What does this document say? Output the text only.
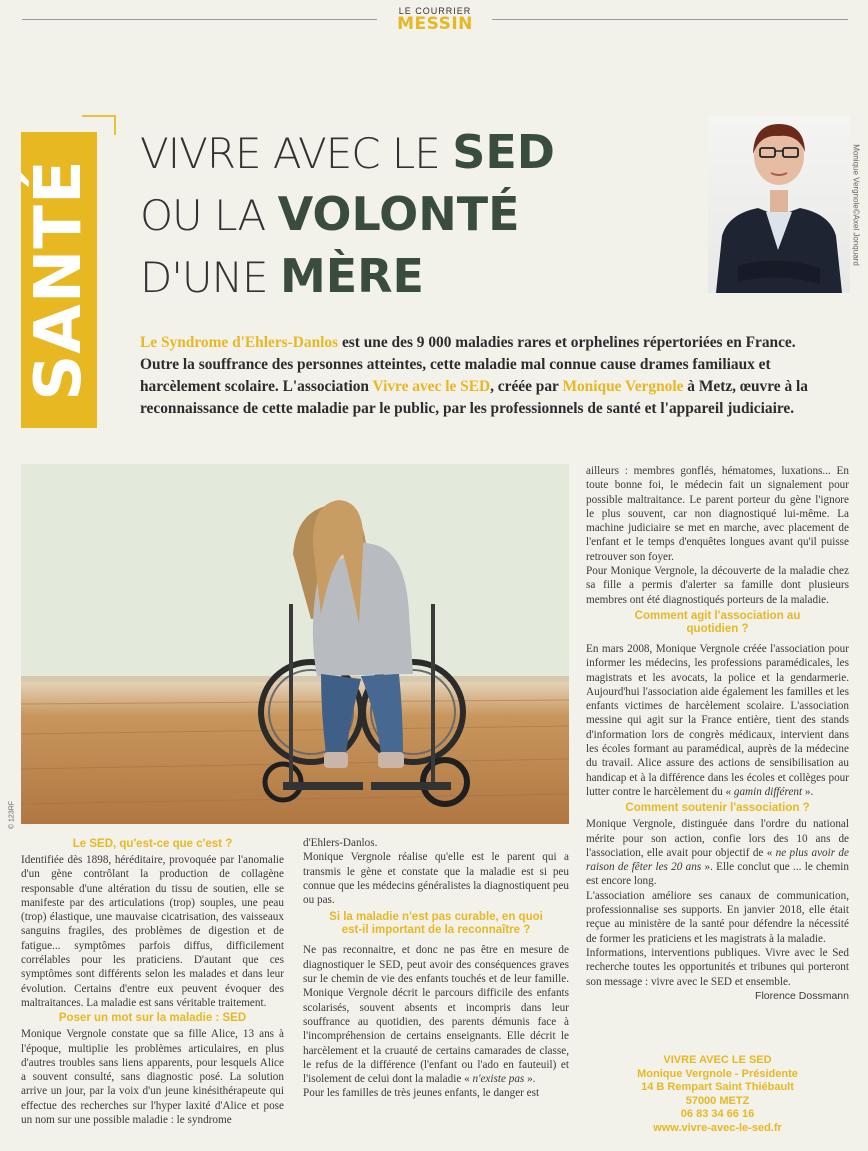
LE COURRIER
MESSIN
SANTÉ
VIVRE AVEC LE SED
OU LA VOLONTÉ
D'UNE MÈRE
Monique Vergnole©Axel Jonquard
Le Syndrome d'Ehlers-Danlos est une des 9 000 maladies rares et orphelines répertoriées en France. Outre la souffrance des personnes atteintes, cette maladie mal connue cause drames familiaux et harcèlement scolaire. L'association Vivre avec le SED, créée par Monique Vergnole à Metz, œuvre à la reconnaissance de cette maladie par le public, par les professionnels de santé et l'appareil judiciaire.
© 123RF
Le SED, qu'est-ce que c'est ?

Identifiée dès 1898, héréditaire, provoquée par l'anomalie d'un gène contrôlant la production de collagène responsable d'une altération du tissu de soutien, elle se manifeste par des articulations (trop) souples, une peau (trop) élastique, une mauvaise cicatrisation, des vaisseaux sanguins fragiles, des problèmes de digestion et de fatigue... symptômes parfois diffus, difficilement corrélables pour les praticiens. D'autant que ces symptômes sont différents selon les malades et dans leur évolution. Certains d'entre eux peuvent évoquer des maltraitances. La maladie est sans véritable traitement.

Poser un mot sur la maladie : SED

Monique Vergnole constate que sa fille Alice, 13 ans à l'époque, multiplie les problèmes articulaires, en plus d'autres troubles sans liens apparents, pour lesquels Alice a souvent consulté, sans diagnostic posé. La solution arrive un jour, par la voix d'un jeune kinésithérapeute qui effectue des recherches sur l'hyper laxité d'Alice et pose un nom sur une possible maladie : le syndrome

d'Ehlers-Danlos.

Monique Vergnole réalise qu'elle est le parent qui a transmis le gène et constate que la maladie est si peu connue que les médecins généralistes la diagnostiquent peu ou pas.

Si la maladie n'est pas curable, en quoi est-il important de la reconnaître ?

Ne pas reconnaitre, et donc ne pas être en mesure de diagnostiquer le SED, peut avoir des conséquences graves sur le chemin de vie des enfants touchés et de leur famille. Monique Vergnole décrit le parcours difficile des enfants scolarisés, souvent absents et incompris dans leur souffrance au quotidien, des parents démunis face à l'incompréhension de certains enseignants. Elle décrit le harcèlement et la cruauté de certains camarades de classe, le refus de la différence (l'enfant ou l'ado en fauteuil) et l'isolement de celui dont la maladie « n'existe pas ».

Pour les familles de très jeunes enfants, le danger est

ailleurs : membres gonflés, hématomes, luxations... En toute bonne foi, le médecin fait un signalement pour possible maltraitance. Le parent porteur du gène l'ignore le plus souvent, car non diagnostiqué lui-même. La machine judiciaire se met en marche, avec placement de l'enfant et le temps d'enquêtes longues avant qu'il puisse retrouver son foyer.

Pour Monique Vergnole, la découverte de la maladie chez sa fille a permis d'alerter sa famille dont plusieurs membres ont été diagnostiqués porteurs de la maladie.

Comment agit l'association au quotidien ?

En mars 2008, Monique Vergnole créée l'association pour informer les médecins, les professions paramédicales, les magistrats et les avocats, la police et la gendarmerie. Aujourd'hui l'association aide également les familles et les enfants victimes de harcèlement scolaire. L'association messine qui agit sur la France entière, tient des stands d'information lors de congrès médicaux, intervient dans les écoles formant au paramédical, auprès de la médecine du travail. Alice assure des actions de sensibilisation au handicap et à la différence dans les écoles et collèges pour lutter contre le harcèlement du « gamin différent ».

Comment soutenir l'association ?

Monique Vergnole, distinguée dans l'ordre du national mérite pour son action, confie lors des 10 ans de l'association, elle avait pour objectif de « ne plus avoir de raison de fêter les 20 ans ». Elle conclut que ... le chemin est encore long.

L'association améliore ses canaux de communication, professionnalise ses supports. En janvier 2018, elle était reçue au ministère de la santé pour défendre la nécessité de former les praticiens et les magistrats à la maladie.

Informations, interventions publiques. Vivre avec le Sed recherche toutes les opportunités et tribunes qui porteront son message : vivre avec le SED et ensemble.

Florence Dossmann

VIVRE AVEC LE SED
Monique Vergnole - Présidente
14 B Rempart Saint Thiébault
57000 METZ
06 83 34 66 16
www.vivre-avec-le-sed.fr
